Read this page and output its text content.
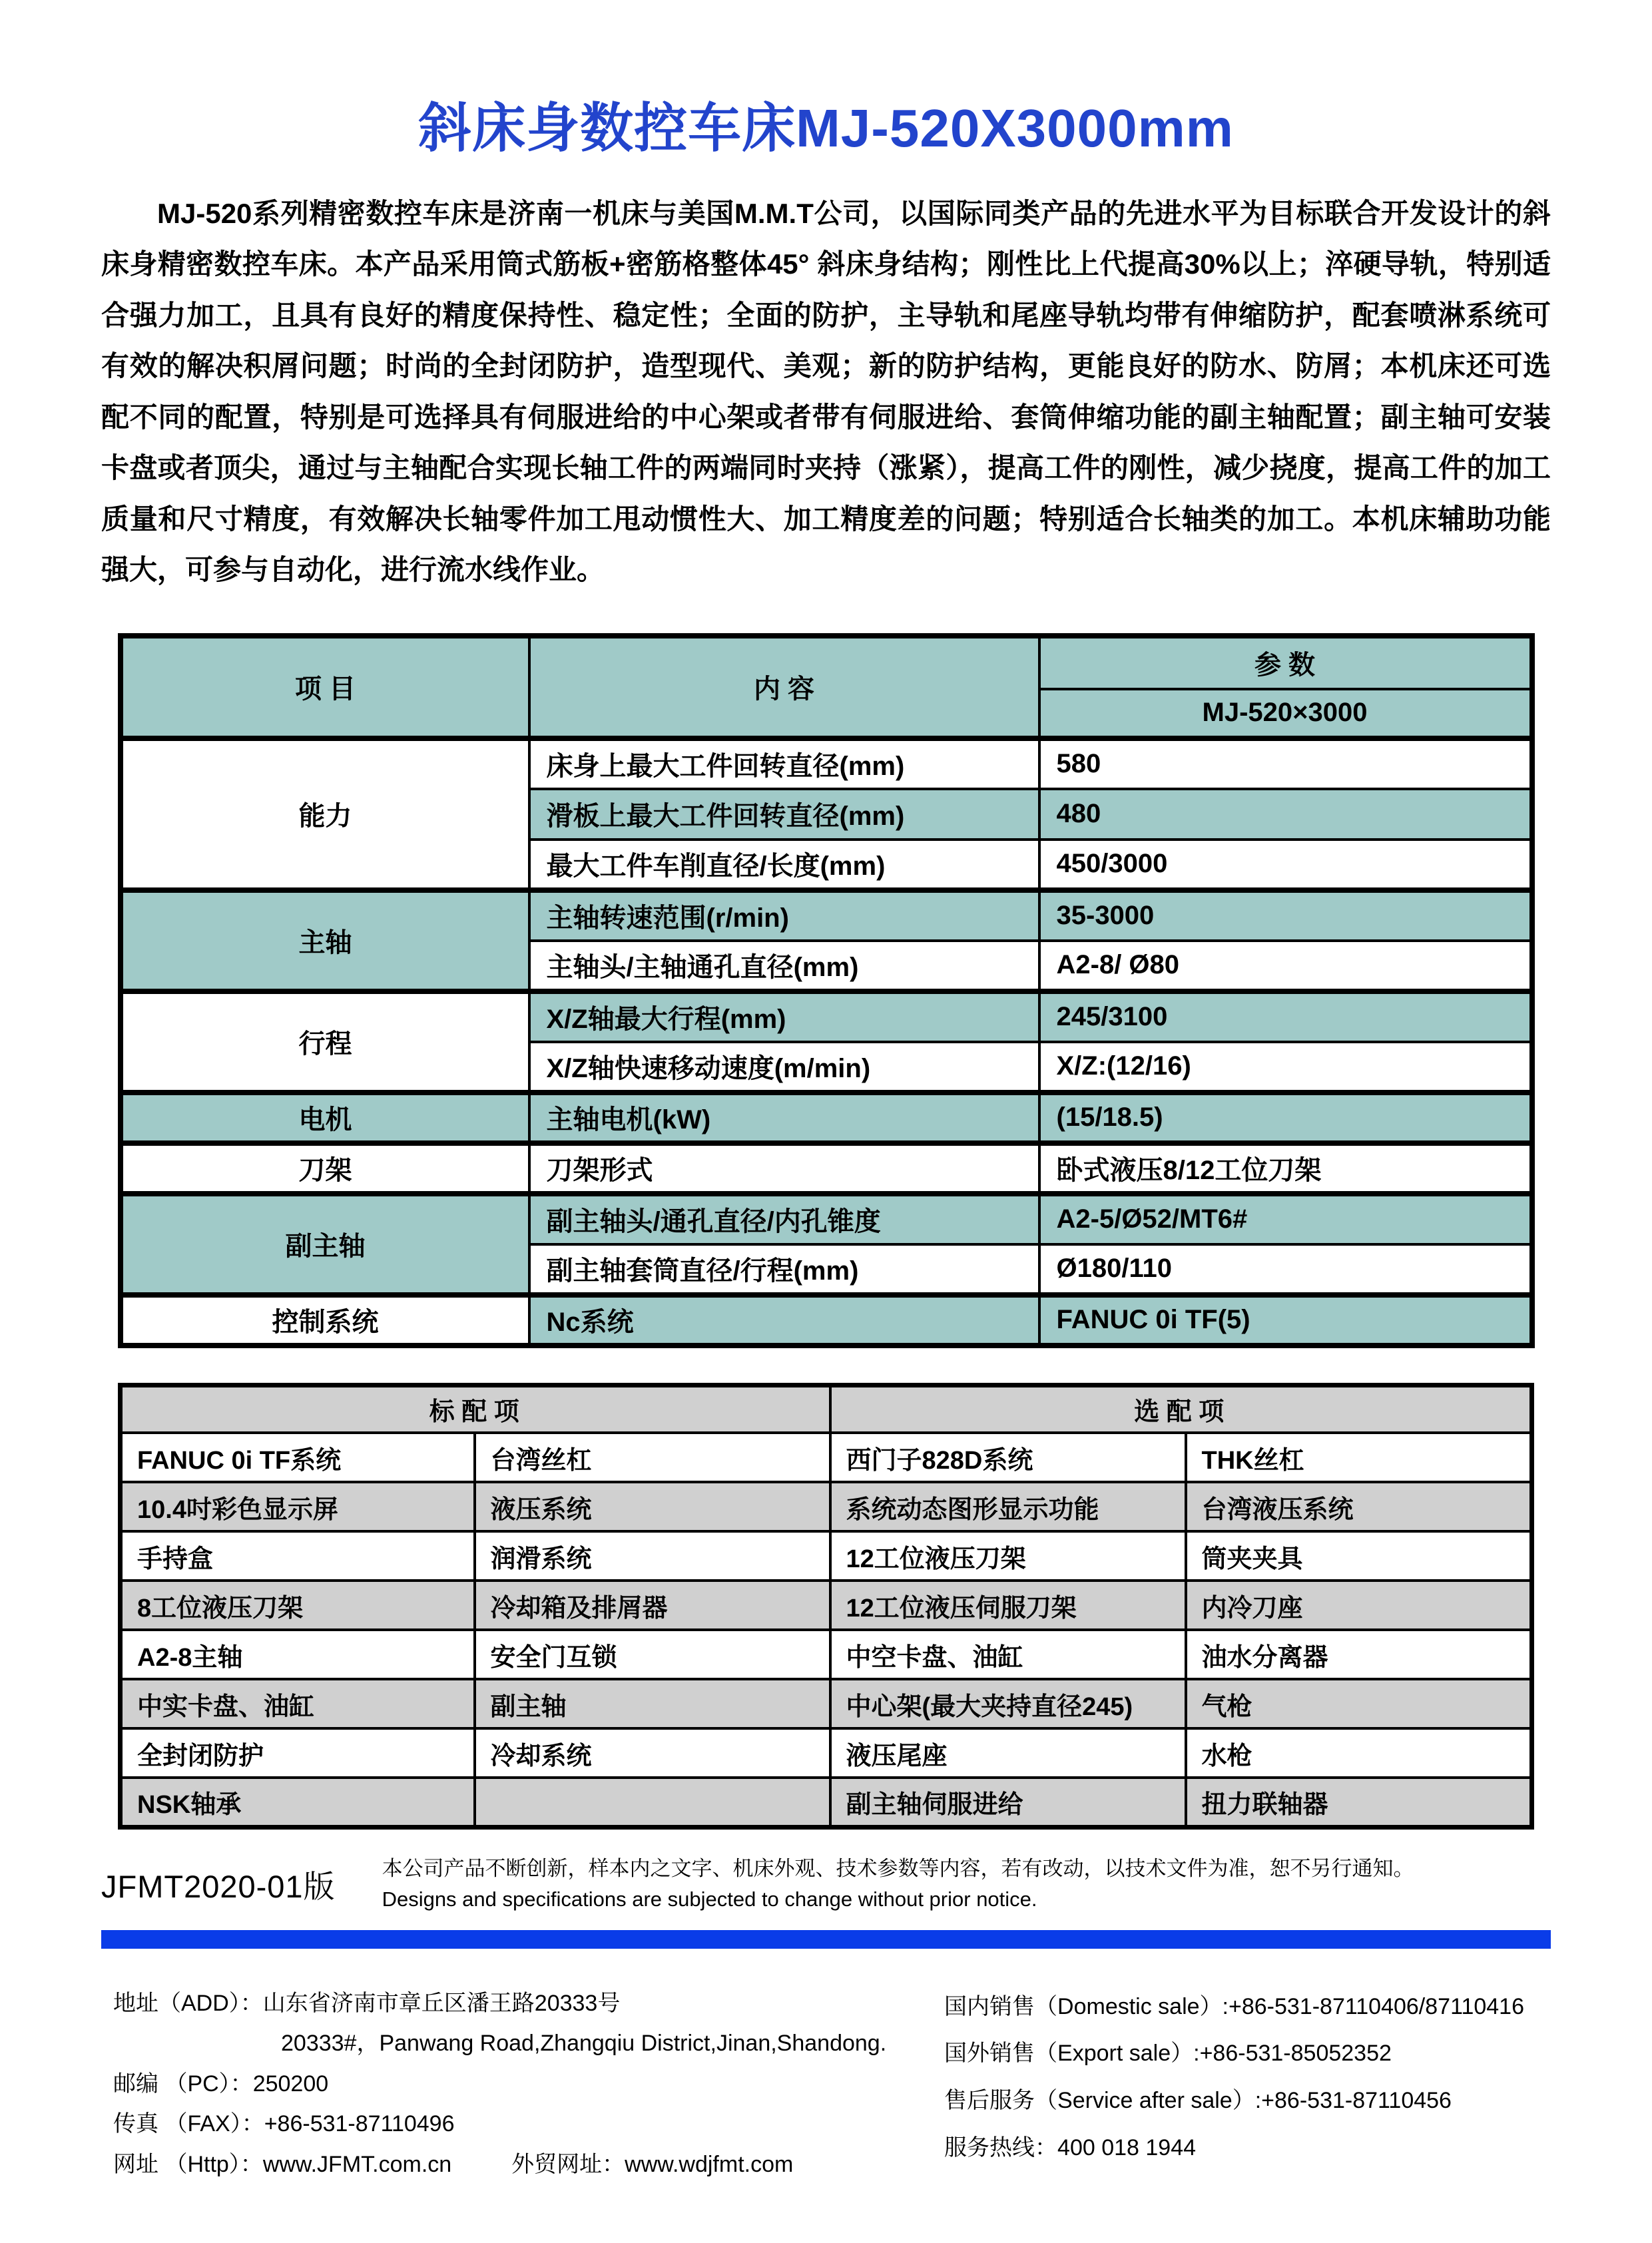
斜床身数控车床MJ-520X3000mm

MJ-520系列精密数控车床是济南一机床与美国M.M.T公司，以国际同类产品的先进水平为目标联合开发设计的斜床身精密数控车床。本产品采用筒式筋板+密筋格整体45° 斜床身结构；刚性比上代提高30%以上；淬硬导轨，特别适合强力加工，且具有良好的精度保持性、稳定性；全面的防护，主导轨和尾座导轨均带有伸缩防护，配套喷淋系统可有效的解决积屑问题；时尚的全封闭防护，造型现代、美观；新的防护结构，更能良好的防水、防屑；本机床还可选配不同的配置，特别是可选择具有伺服进给的中心架或者带有伺服进给、套筒伸缩功能的副主轴配置；副主轴可安装卡盘或者顶尖，通过与主轴配合实现长轴工件的两端同时夹持（涨紧），提高工件的刚性，减少挠度，提高工件的加工质量和尺寸精度，有效解决长轴零件加工甩动惯性大、加工精度差的问题；特别适合长轴类的加工。本机床辅助功能强大，可参与自动化，进行流水线作业。

项 目	内 容	参 数
		MJ-520×3000
能力	床身上最大工件回转直径(mm)	580
	滑板上最大工件回转直径(mm)	480
	最大工件车削直径/长度(mm)	450/3000
主轴	主轴转速范围(r/min)	35-3000
	主轴头/主轴通孔直径(mm)	A2-8/ Ø80
行程	X/Z轴最大行程(mm)	245/3100
	X/Z轴快速移动速度(m/min)	X/Z:(12/16)
电机	主轴电机(kW)	(15/18.5)
刀架	刀架形式	卧式液压8/12工位刀架
副主轴	副主轴头/通孔直径/内孔锥度	A2-5/Ø52/MT6#
	副主轴套筒直径/行程(mm)	Ø180/110
控制系统	Nc系统	FANUC 0i TF(5)
标 配 项		选 配 项	
FANUC 0i TF系统	台湾丝杠	西门子828D系统	THK丝杠
10.4吋彩色显示屏	液压系统	系统动态图形显示功能	台湾液压系统
手持盒	润滑系统	12工位液压刀架	筒夹夹具
8工位液压刀架	冷却箱及排屑器	12工位液压伺服刀架	内冷刀座
A2-8主轴	安全门互锁	中空卡盘、油缸	油水分离器
中实卡盘、油缸	副主轴	中心架(最大夹持直径245)	气枪
全封闭防护	冷却系统	液压尾座	水枪
NSK轴承		副主轴伺服进给	扭力联轴器
JFMT2020-01版
本公司产品不断创新，样本内之文字、机床外观、技术参数等内容，若有改动，以技术文件为准，恕不另行通知。
Designs and specifications are subjected to change without prior notice.
地址（ADD）：山东省济南市章丘区潘王路20333号
20333#，Panwang Road,Zhangqiu District,Jinan,Shandong.
邮编 （PC）：250200
传真 （FAX）：+86-531-87110496
网址 （Http）：www.JFMT.com.cn	外贸网址：www.wdjfmt.com
国内销售（Domestic sale）:+86-531-87110406/87110416
国外销售（Export sale）:+86-531-85052352
售后服务（Service after sale）:+86-531-87110456
服务热线：400 018 1944
